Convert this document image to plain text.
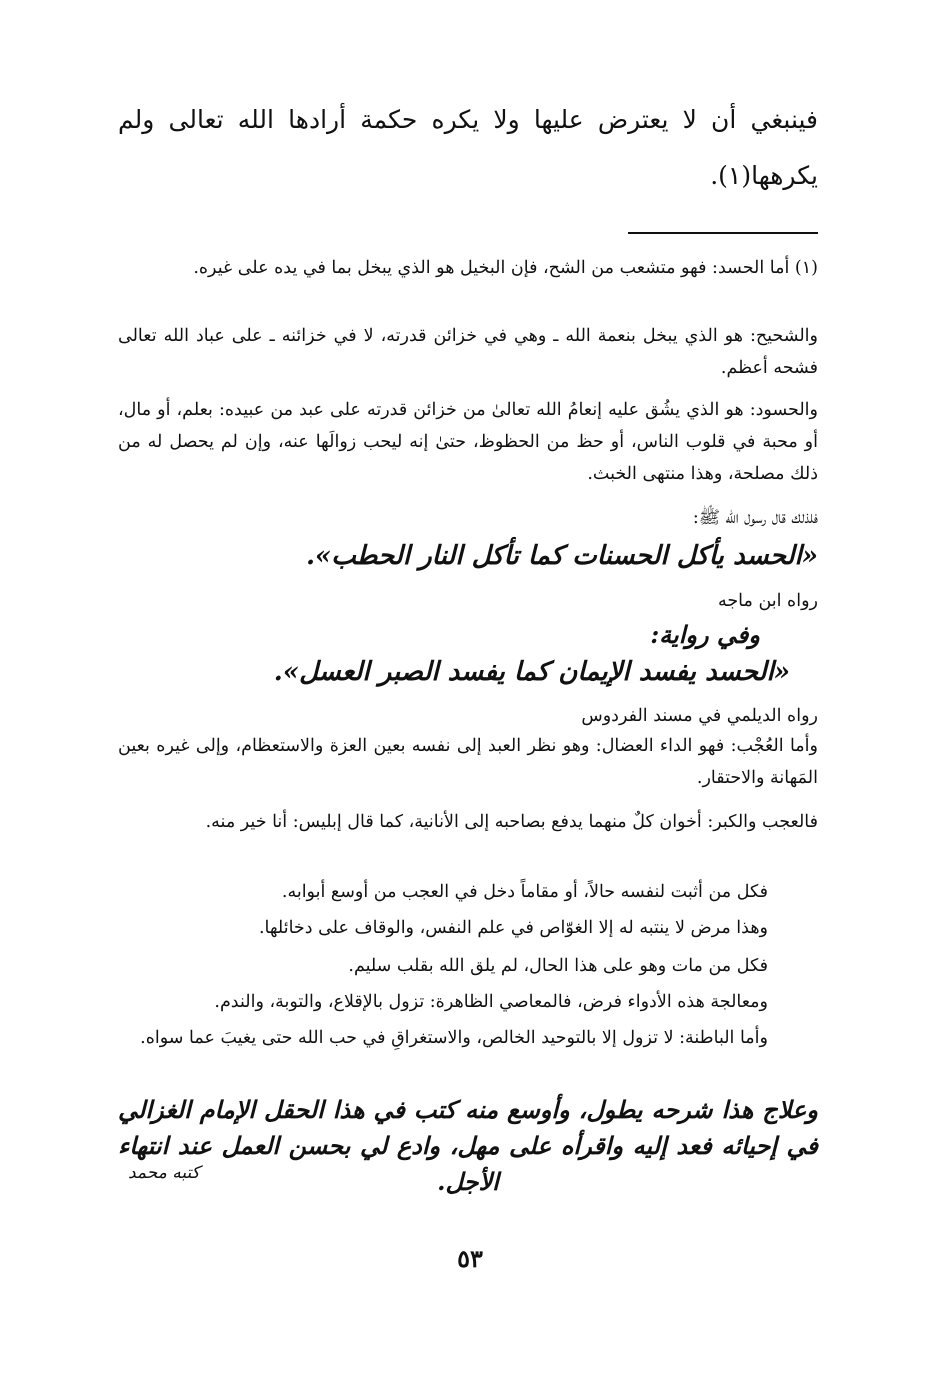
فينبغي أن لا يعترض عليها ولا يكره حكمة أرادها الله تعالى ولم يكرهها(١).

(١) أما الحسد: فهو متشعب من الشح، فإن البخيل هو الذي يبخل بما في يده على غيره.

والشحيح: هو الذي يبخل بنعمة الله ـ وهي في خزائن قدرته، لا في خزائنه ـ على عباد الله تعالى فشحه أعظم.

والحسود: هو الذي يشُق عليه إنعامُ الله تعالىٰ من خزائن قدرته على عبد من عبيده: بعلم، أو مال، أو محبة في قلوب الناس، أو حظ من الحظوظ، حتىٰ إنه ليحب زوالَها عنه، وإن لم يحصل له من ذلك مصلحة، وهذا منتهى الخبث.

فلذلك قال رسول الله ﷺ:

«الحسد يأكل الحسنات كما تأكل النار الحطب».

رواه ابن ماجه

وفي رواية:

«الحسد يفسد الإيمان كما يفسد الصبر العسل».

رواه الديلمي في مسند الفردوس

وأما العُجْب: فهو الداء العضال: وهو نظر العبد إلى نفسه بعين العزة والاستعظام، وإلى غيره بعين المَهانة والاحتقار.

فالعجب والكبر: أخوان كلٌ منهما يدفع بصاحبه إلى الأنانية، كما قال إبليس: أنا خير منه.

فكل من أثبت لنفسه حالاً، أو مقاماً دخل في العجب من أوسع أبوابه.

وهذا مرض لا ينتبه له إلا الغوّاص في علم النفس، والوقاف على دخائلها.

فكل من مات وهو على هذا الحال، لم يلق الله بقلب سليم.

ومعالجة هذه الأدواء فرض، فالمعاصي الظاهرة: تزول بالإقلاع، والتوبة، والندم.

وأما الباطنة: لا تزول إلا بالتوحيد الخالص، والاستغراقِ في حب الله حتى يغيبَ عما سواه.

وعلاج هذا شرحه يطول، وأوسع منه كتب في هذا الحقل الإمام الغزالي في إحيائه فعد إليه واقرأه على مهل، وادع لي بحسن العمل عند انتهاء الأجل.

كتبه محمد

٥٣
